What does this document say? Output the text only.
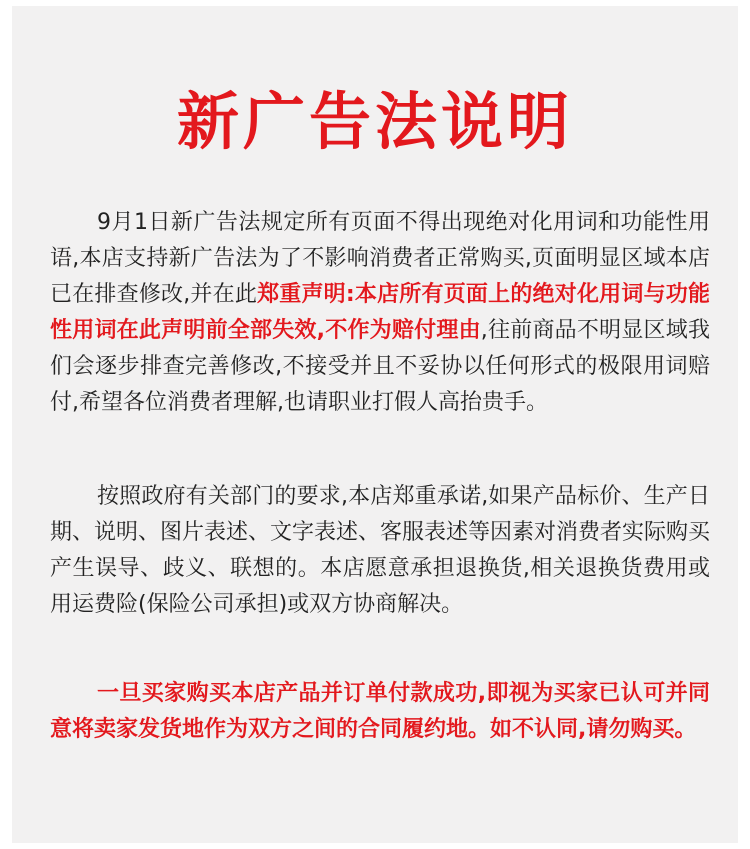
新广告法说明

9月1日新广告法规定所有页面不得出现绝对化用词和功能性用语,本店支持新广告法为了不影响消费者正常购买,页面明显区域本店已在排查修改,并在此郑重声明:本店所有页面上的绝对化用词与功能性用词在此声明前全部失效,不作为赔付理由,往前商品不明显区域我们会逐步排查完善修改,不接受并且不妥协以任何形式的极限用词赔付,希望各位消费者理解,也请职业打假人高抬贵手。

按照政府有关部门的要求,本店郑重承诺,如果产品标价、生产日期、说明、图片表述、文字表述、客服表述等因素对消费者实际购买产生误导、歧义、联想的。本店愿意承担退换货,相关退换货费用或用运费险(保险公司承担)或双方协商解决。

一旦买家购买本店产品并订单付款成功,即视为买家已认可并同意将卖家发货地作为双方之间的合同履约地。如不认同,请勿购买。
